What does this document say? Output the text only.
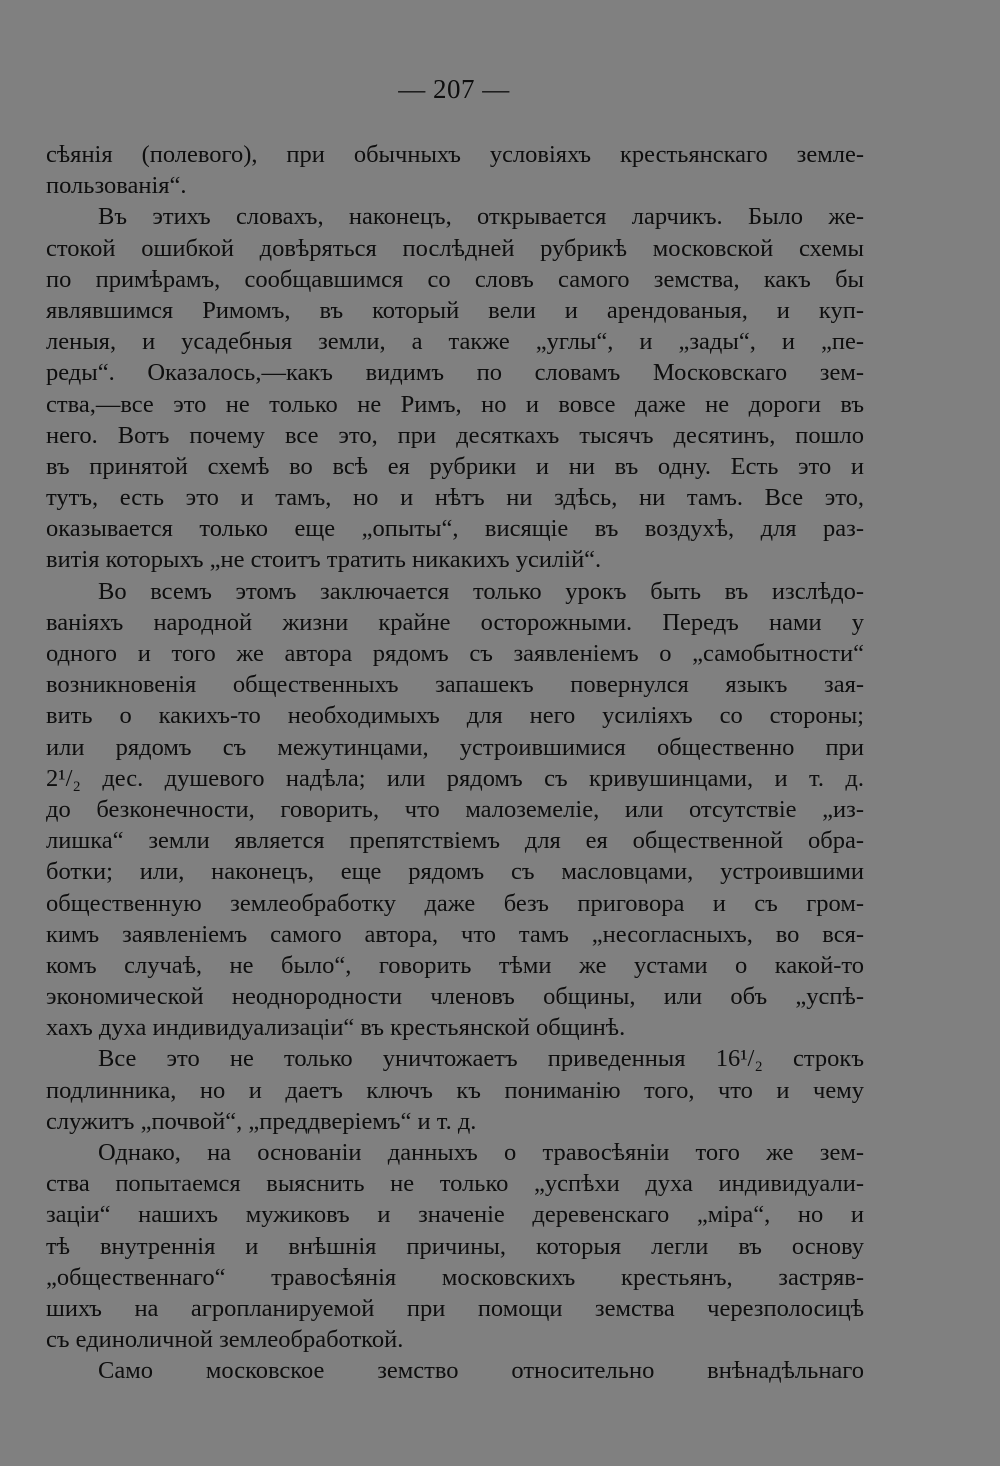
— 207 —
сѣянія (полевого), при обычныхъ условіяхъ крестьянскаго земле-
пользованія“.
Въ этихъ словахъ, наконецъ, открывается ларчикъ. Было же-
стокой ошибкой довѣряться послѣдней рубрикѣ московской схемы
по примѣрамъ, сообщавшимся со словъ самого земства, какъ бы
являвшимся Римомъ, въ который вели и арендованыя, и куп-
леныя, и усадебныя земли, а также „углы“, и „зады“, и „пе-
реды“. Оказалось,—какъ видимъ по словамъ Московскаго зем-
ства,—все это не только не Римъ, но и вовсе даже не дороги въ
него. Вотъ почему все это, при десяткахъ тысячъ десятинъ, пошло
въ принятой схемѣ во всѣ ея рубрики и ни въ одну. Есть это и
тутъ, есть это и тамъ, но и нѣтъ ни здѣсь, ни тамъ. Все это,
оказывается только еще „опыты“, висящіе въ воздухѣ, для раз-
витія которыхъ „не стоитъ тратить никакихъ усилій“.
Во всемъ этомъ заключается только урокъ быть въ изслѣдо-
ваніяхъ народной жизни крайне осторожными. Передъ нами у
одного и того же автора рядомъ съ заявленіемъ о „самобытности“
возникновенія общественныхъ запашекъ повернулся языкъ зая-
вить о какихъ-то необходимыхъ для него усиліяхъ со стороны;
или рядомъ съ межутинцами, устроившимися общественно при
2¹/₂ дес. душевого надѣла; или рядомъ съ кривушинцами, и т. д.
до безконечности, говорить, что малоземеліе, или отсутствіе „из-
лишка“ земли является препятствіемъ для ея общественной обра-
ботки; или, наконецъ, еще рядомъ съ масловцами, устроившими
общественную землеобработку даже безъ приговора и съ гром-
кимъ заявленіемъ самого автора, что тамъ „несогласныхъ, во вся-
комъ случаѣ, не было“, говорить тѣми же устами о какой-то
экономической неоднородности членовъ общины, или объ „успѣ-
хахъ духа индивидуализаціи“ въ крестьянской общинѣ.
Все это не только уничтожаетъ приведенныя 16¹/₂ строкъ
подлинника, но и даетъ ключъ къ пониманію того, что и чему
служитъ „почвой“, „преддверіемъ“ и т. д.
Однако, на основаніи данныхъ о травосѣяніи того же зем-
ства попытаемся выяснить не только „успѣхи духа индивидуали-
заціи“ нашихъ мужиковъ и значеніе деревенскаго „міра“, но и
тѣ внутреннія и внѣшнія причины, которыя легли въ основу
„общественнаго“ травосѣянія московскихъ крестьянъ, застряв-
шихъ на агропланируемой при помощи земства черезполосицѣ
съ единоличной землеобработкой.
Само московское земство относительно внѣнадѣльнаго
